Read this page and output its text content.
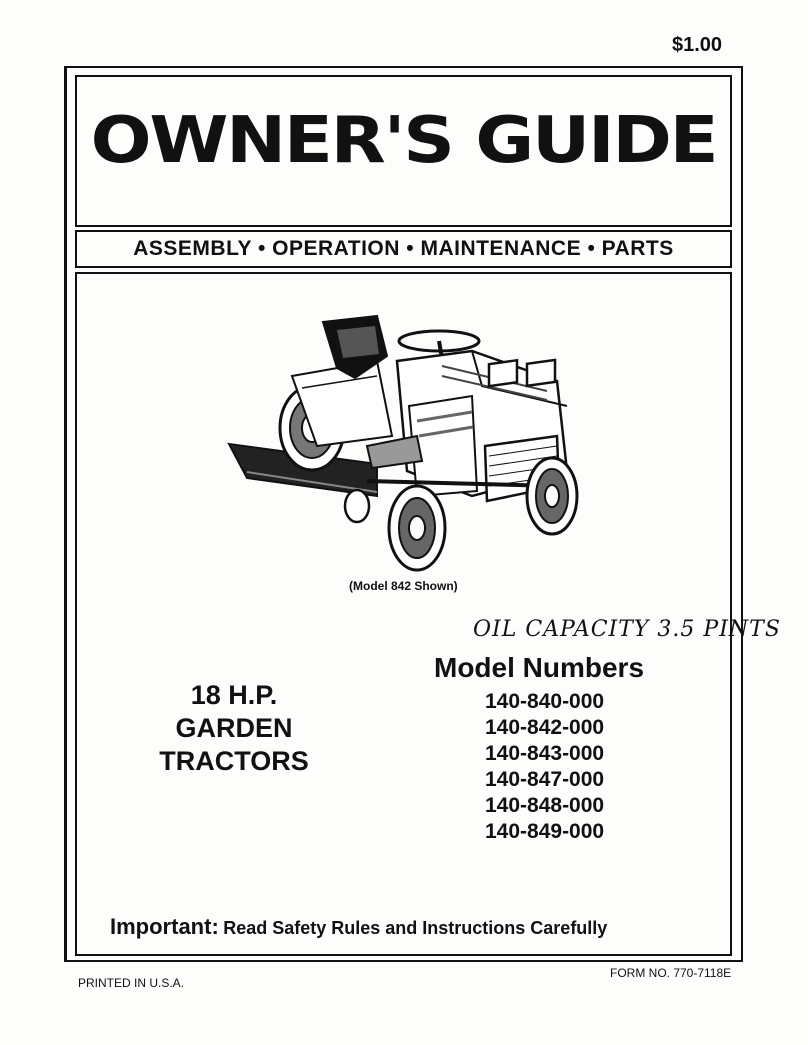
$1.00
OWNER'S GUIDE
ASSEMBLY • OPERATION • MAINTENANCE • PARTS
(Model 842 Shown)
OIL CAPACITY 3.5 PINTS
Model Numbers
140-840-000
140-842-000
140-843-000
140-847-000
140-848-000
140-849-000
18 H.P.
GARDEN
TRACTORS
Important: Read Safety Rules and Instructions Carefully
PRINTED IN U.S.A.
FORM NO. 770-7118E
